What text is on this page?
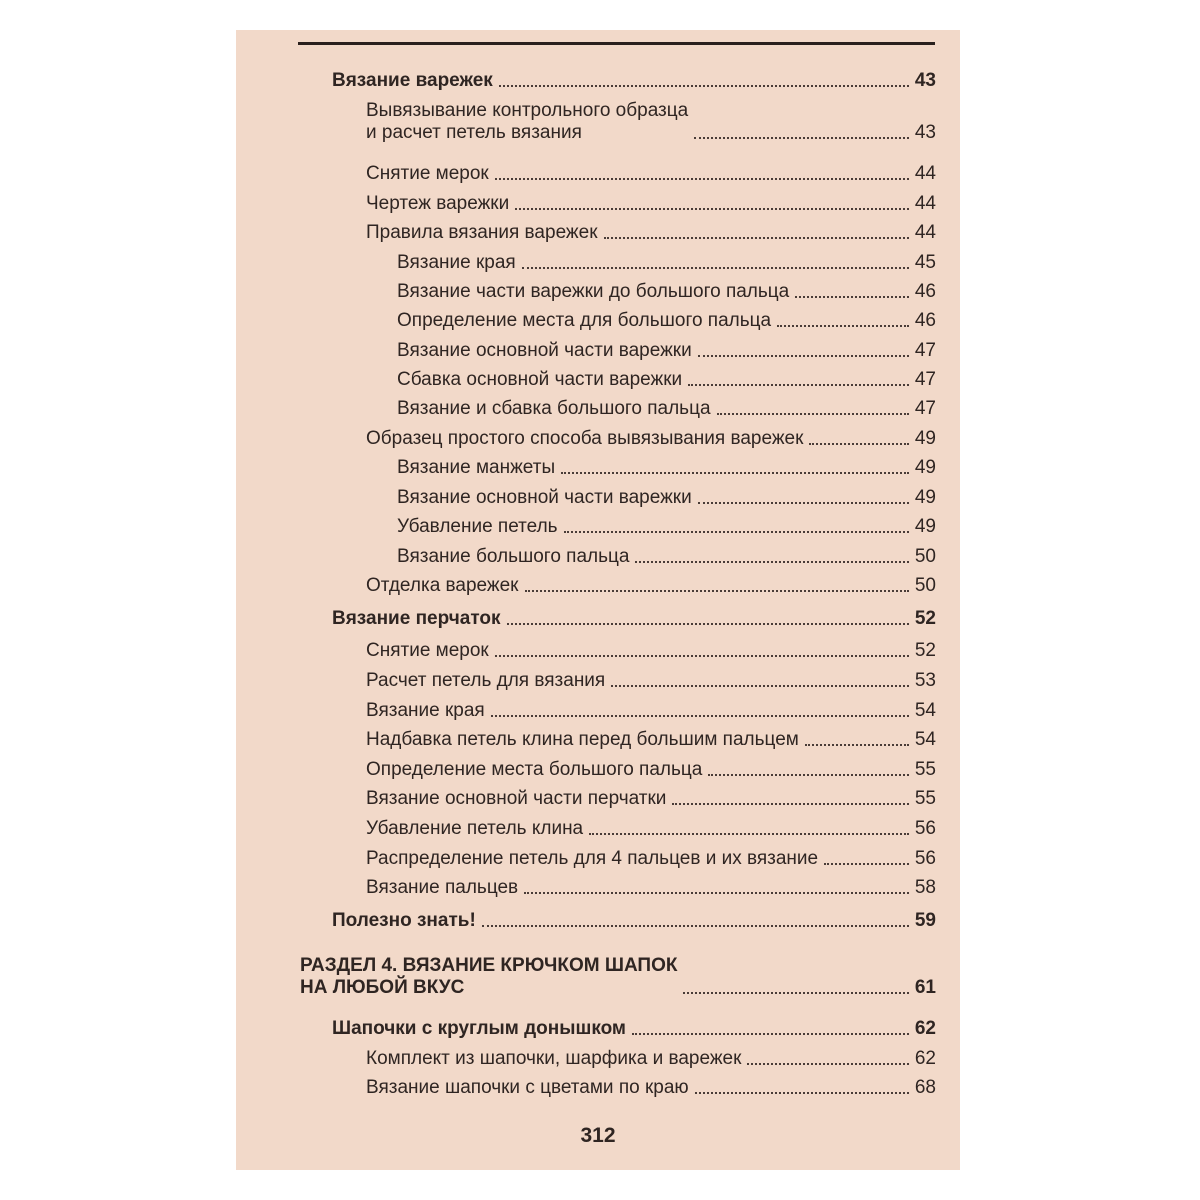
Вязание варежек	43
Вывязывание контрольного образца
и расчет петель вязания	43
Снятие мерок	44
Чертеж варежки	44
Правила вязания варежек	44
Вязание края	45
Вязание части варежки до большого пальца	46
Определение места для большого пальца	46
Вязание основной части варежки	47
Сбавка основной части варежки	47
Вязание и сбавка большого пальца	47
Образец простого способа вывязывания варежек	49
Вязание манжеты	49
Вязание основной части варежки	49
Убавление петель	49
Вязание большого пальца	50
Отделка варежек	50
Вязание перчаток	52
Снятие мерок	52
Расчет петель для вязания	53
Вязание края	54
Надбавка петель клина перед большим пальцем	54
Определение места большого пальца	55
Вязание основной части перчатки	55
Убавление петель клина	56
Распределение петель для 4 пальцев и их вязание	56
Вязание пальцев	58
Полезно знать!	59
РАЗДЕЛ 4. ВЯЗАНИЕ КРЮЧКОМ ШАПОК
НА ЛЮБОЙ ВКУС	61
Шапочки с круглым донышком	62
Комплект из шапочки, шарфика и варежек	62
Вязание шапочки с цветами по краю	68
312
